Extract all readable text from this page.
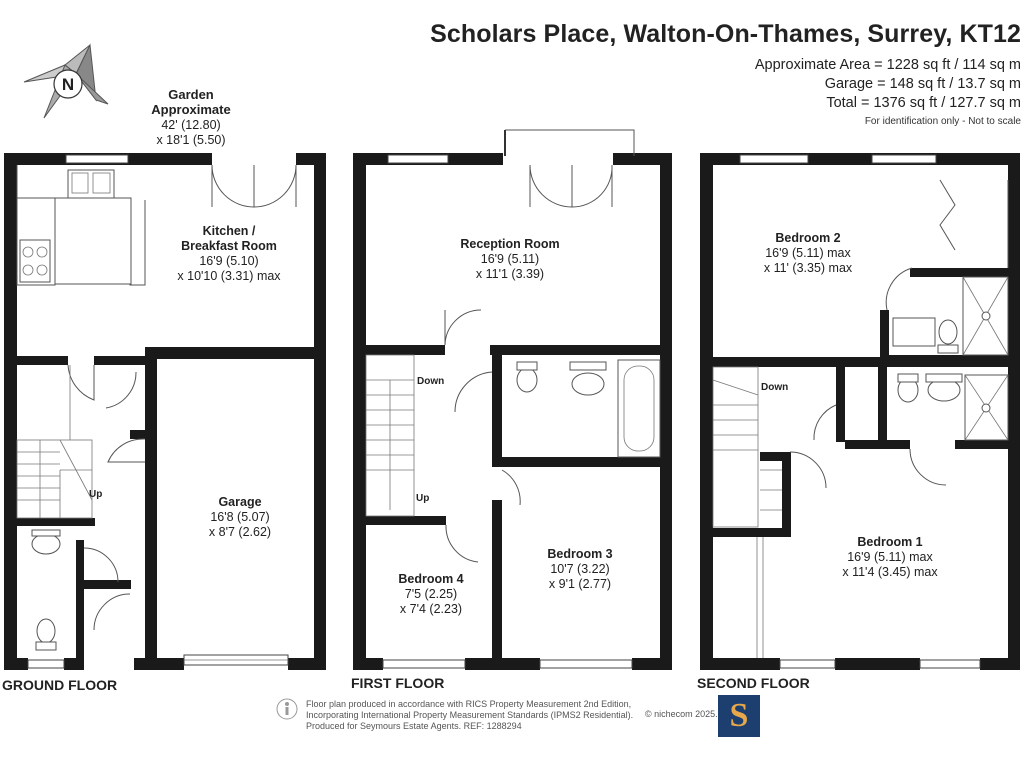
Scholars Place, Walton-On-Thames, Surrey, KT12
Approximate Area = 1228 sq ft / 114 sq m
Garage = 148 sq ft / 13.7 sq m
Total = 1376 sq ft / 127.7 sq m
For identification only - Not to scale
N
Garden
Approximate
42' (12.80)
x 18'1 (5.50)
Kitchen /
Breakfast Room
16'9 (5.10)
x 10'10 (3.31) max
Garage
16'8 (5.07)
x 8'7 (2.62)
Reception Room
16'9 (5.11)
x 11'1 (3.39)
Bedroom 4
7'5 (2.25)
x 7'4 (2.23)
Bedroom 3
10'7 (3.22)
x 9'1 (2.77)
Bedroom 2
16'9 (5.11) max
x 11' (3.35) max
Bedroom 1
16'9 (5.11) max
x 11'4 (3.45) max
Up
Down
Up
Down
GROUND FLOOR	FIRST FLOOR	SECOND FLOOR
Floor plan produced in accordance with RICS Property Measurement 2nd Edition,
Incorporating International Property Measurement Standards (IPMS2 Residential).
Produced for Seymours Estate Agents. REF: 1288294
© nichecom 2025. S
